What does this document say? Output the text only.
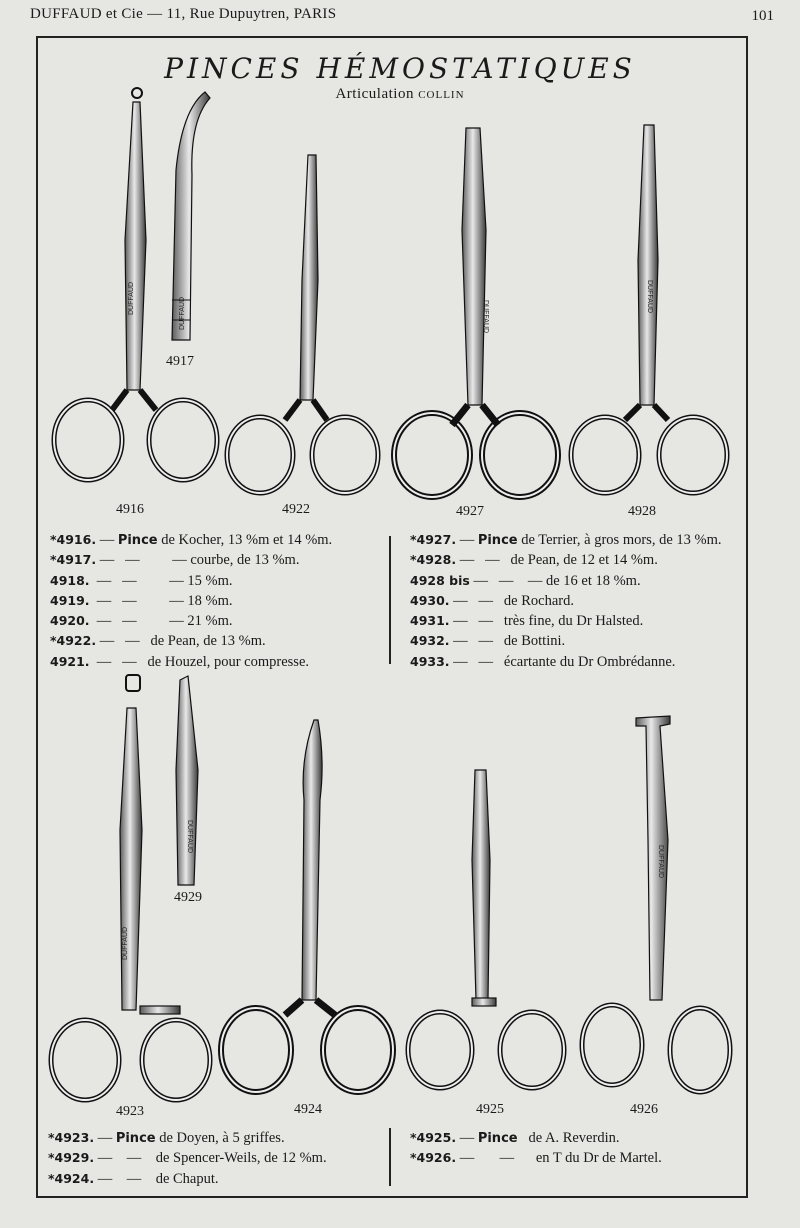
DUFFAUD et Cie — 11, Rue Dupuytren, PARIS	101
PINCES HÉMOSTATIQUES
Articulation COLLIN
DUFFAUD
DUFFAUD
DUFFAUD
DUFFAUD
DUFFAUD
DUFFAUD
DUFFAUD
4917
4916	4922	4927	4928
4929
4923	4924	4925	4926
*4916. — Pince de Kocher, 13 %m et 14 %m.
*4917. — — — courbe, de 13 %m.
4918. — — — 15 %m.
4919. — — — 18 %m.
4920. — — — 21 %m.
*4922. — — de Pean, de 13 %m.
4921. — — de Houzel, pour compresse.
*4927. — Pince de Terrier, à gros mors, de 13 %m.
*4928. — — de Pean, de 12 et 14 %m.
4928 bis — — — de 16 et 18 %m.
4930. — — de Rochard.
4931. — — très fine, du Dr Halsted.
4932. — — de Bottini.
4933. — — écartante du Dr Ombrédanne.
*4923. — Pince de Doyen, à 5 griffes.
*4929. — — de Spencer-Weils, de 12 %m.
*4924. — — de Chaput.
*4925. — Pince de A. Reverdin.
*4926. — — en T du Dr de Martel.
